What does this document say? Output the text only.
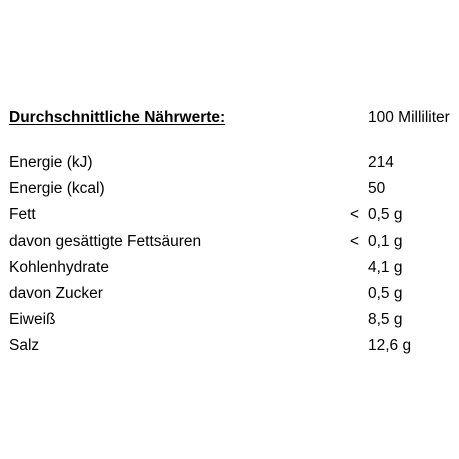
Durchschnittliche Nährwerte:	100 Milliliter
Energie (kJ)	214
Energie (kcal)	50
Fett	< 0,5 g
davon gesättigte Fettsäuren	< 0,1 g
Kohlenhydrate	4,1 g
davon Zucker	0,5 g
Eiweiß	8,5 g
Salz	12,6 g
